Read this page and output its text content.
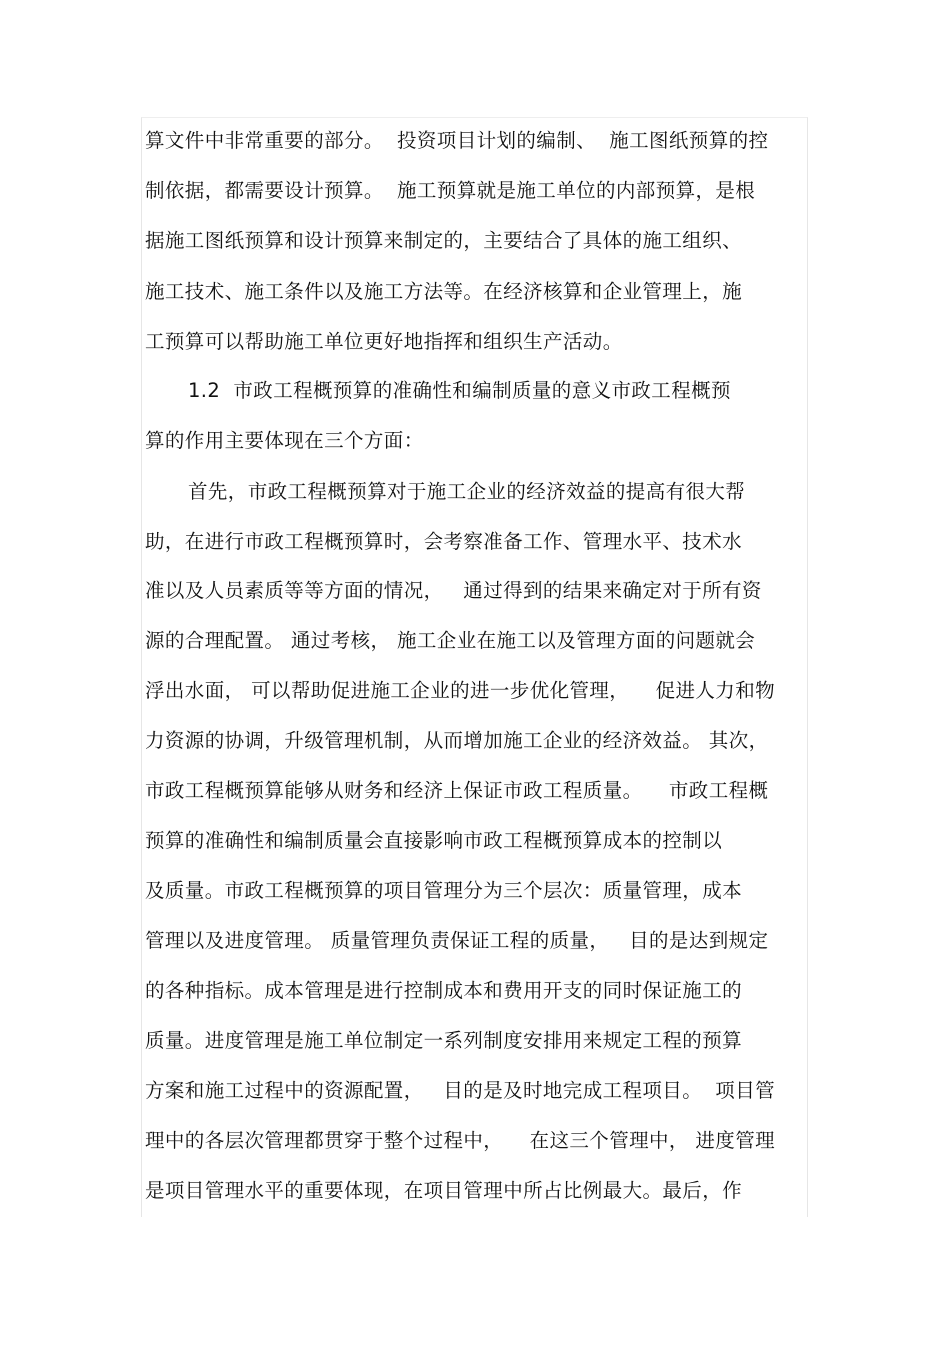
算文件中非常重要的部分。  投资项目计划的编制、  施工图纸预算的控
制依据，都需要设计预算。  施工预算就是施工单位的内部预算，是根
据施工图纸预算和设计预算来制定的，主要结合了具体的施工组织、
施工技术、施工条件以及施工方法等。在经济核算和企业管理上，施
工预算可以帮助施工单位更好地指挥和组织生产活动。
1.2  市政工程概预算的准确性和编制质量的意义市政工程概预
算的作用主要体现在三个方面：
首先，市政工程概预算对于施工企业的经济效益的提高有很大帮
助，在进行市政工程概预算时，会考察准备工作、管理水平、技术水
准以及人员素质等等方面的情况，   通过得到的结果来确定对于所有资
源的合理配置。 通过考核， 施工企业在施工以及管理方面的问题就会
浮出水面， 可以帮助促进施工企业的进一步优化管理，    促进人力和物
力资源的协调，升级管理机制，从而增加施工企业的经济效益。 其次，
市政工程概预算能够从财务和经济上保证市政工程质量。    市政工程概
预算的准确性和编制质量会直接影响市政工程概预算成本的控制以
及质量。市政工程概预算的项目管理分为三个层次：质量管理，成本
管理以及进度管理。 质量管理负责保证工程的质量，   目的是达到规定
的各种指标。成本管理是进行控制成本和费用开支的同时保证施工的
质量。进度管理是施工单位制定一系列制度安排用来规定工程的预算
方案和施工过程中的资源配置，   目的是及时地完成工程项目。  项目管
理中的各层次管理都贯穿于整个过程中，    在这三个管理中， 进度管理
是项目管理水平的重要体现，在项目管理中所占比例最大。最后，作
